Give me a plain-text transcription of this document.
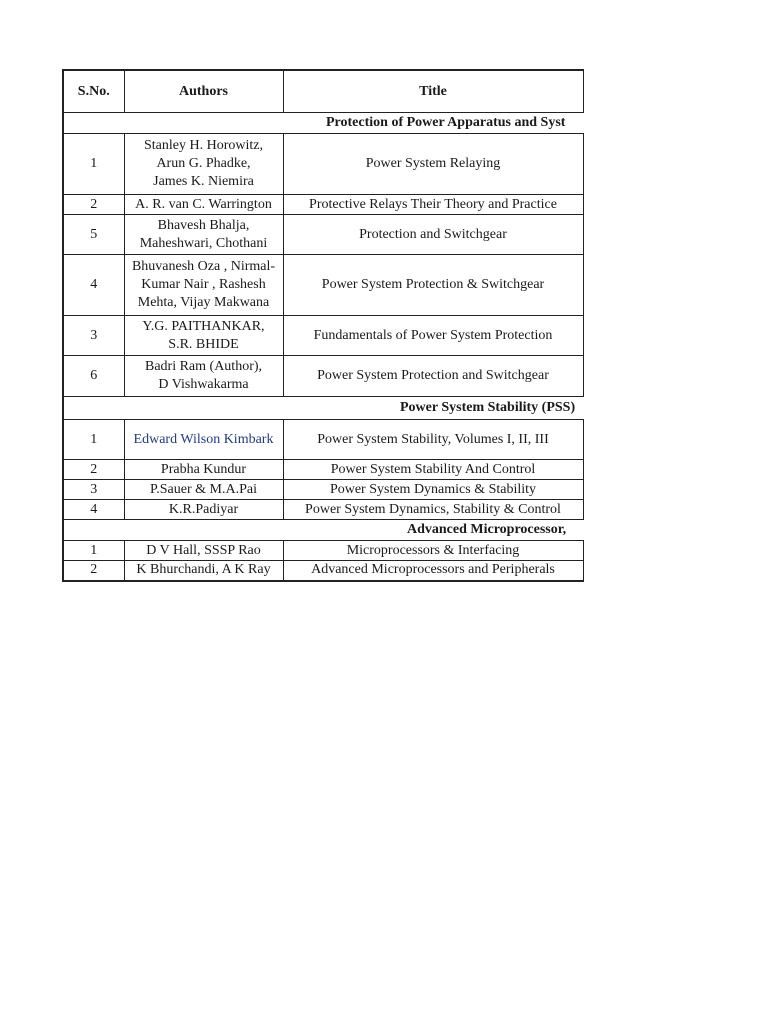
S.No.	Authors	Title	
Protection of Power Apparatus and Syst			
1	Stanley H. Horowitz,
Arun G. Phadke,
James K. Niemira	Power System Relaying	
2	A. R. van C. Warrington	Protective Relays Their Theory and Practice	
5	Bhavesh Bhalja,
Maheshwari, Chothani	Protection and Switchgear	
4	Bhuvanesh Oza , Nirmal-
Kumar Nair , Rashesh
Mehta, Vijay Makwana	Power System Protection & Switchgear	
3	Y.G. PAITHANKAR,
S.R. BHIDE	Fundamentals of Power System Protection	
6	Badri Ram (Author),
D Vishwakarma	Power System Protection and Switchgear	
Power System Stability (PSS)			
1	Edward Wilson Kimbark	Power System Stability, Volumes I, II, III	
2	Prabha Kundur	Power System Stability And Control	
3	P.Sauer & M.A.Pai	Power System Dynamics & Stability	
4	K.R.Padiyar	Power System Dynamics, Stability & Control	
Advanced Microprocessor,			
1	D V Hall, SSSP Rao	Microprocessors & Interfacing	
2	K Bhurchandi, A K Ray	Advanced Microprocessors and Peripherals	
